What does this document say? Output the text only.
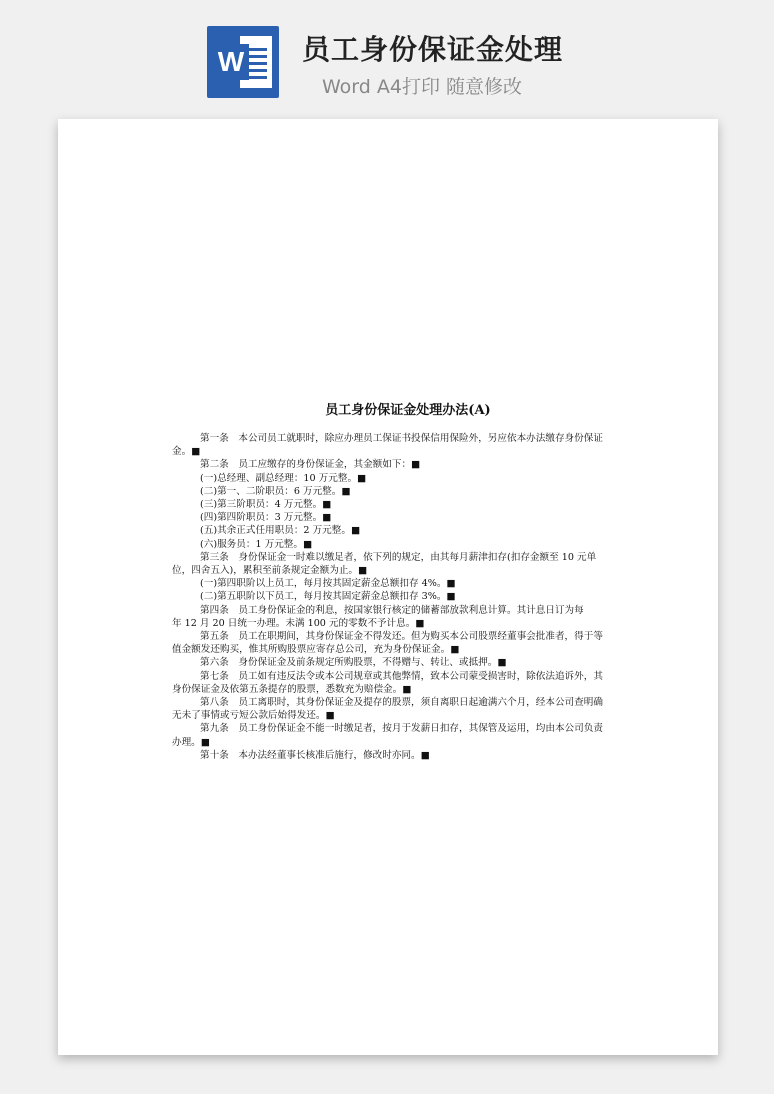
W 员工身份保证金处理
Word A4打印 随意修改
员工身份保证金处理办法(A)

第一条　本公司员工就职时，除应办理员工保证书投保信用保险外，另应依本办法缴存身份保证金。■

第二条　员工应缴存的身份保证金，其金额如下：■

(一)总经理、副总经理：10 万元整。■

(二)第一、二阶职员：6 万元整。■

(三)第三阶职员：4 万元整。■

(四)第四阶职员：3 万元整。■

(五)其余正式任用职员：2 万元整。■

(六)服务员：1 万元整。■

第三条　身份保证金一时难以缴足者，依下列的规定，由其每月薪津扣存(扣存金额至 10 元单位，四舍五入)，累积至前条规定金额为止。■

(一)第四职阶以上员工，每月按其固定薪金总额扣存 4%。■

(二)第五职阶以下员工，每月按其固定薪金总额扣存 3%。■

第四条　员工身份保证金的利息，按国家银行核定的储蓄部放款利息计算。其计息日订为每

年 12 月 20 日统一办理。未满 100 元的零数不予计息。■

第五条　员工在职期间，其身份保证金不得发还。但为购买本公司股票经董事会批准者，得于等值金额发还购买，惟其所购股票应寄存总公司，充为身份保证金。■

第六条　身份保证金及前条规定所购股票，不得赠与、转让、或抵押。■

第七条　员工如有违反法令或本公司规章或其他弊情，致本公司蒙受损害时，除依法追诉外，其身份保证金及依第五条提存的股票，悉数充为赔偿金。■

第八条　员工离职时，其身份保证金及提存的股票，须自离职日起逾满六个月，经本公司查明确无未了事情或亏短公款后始得发还。■

第九条　员工身份保证金不能一时缴足者，按月于发薪日扣存，其保管及运用，均由本公司负责办理。■

第十条　本办法经董事长核准后施行，修改时亦同。■
